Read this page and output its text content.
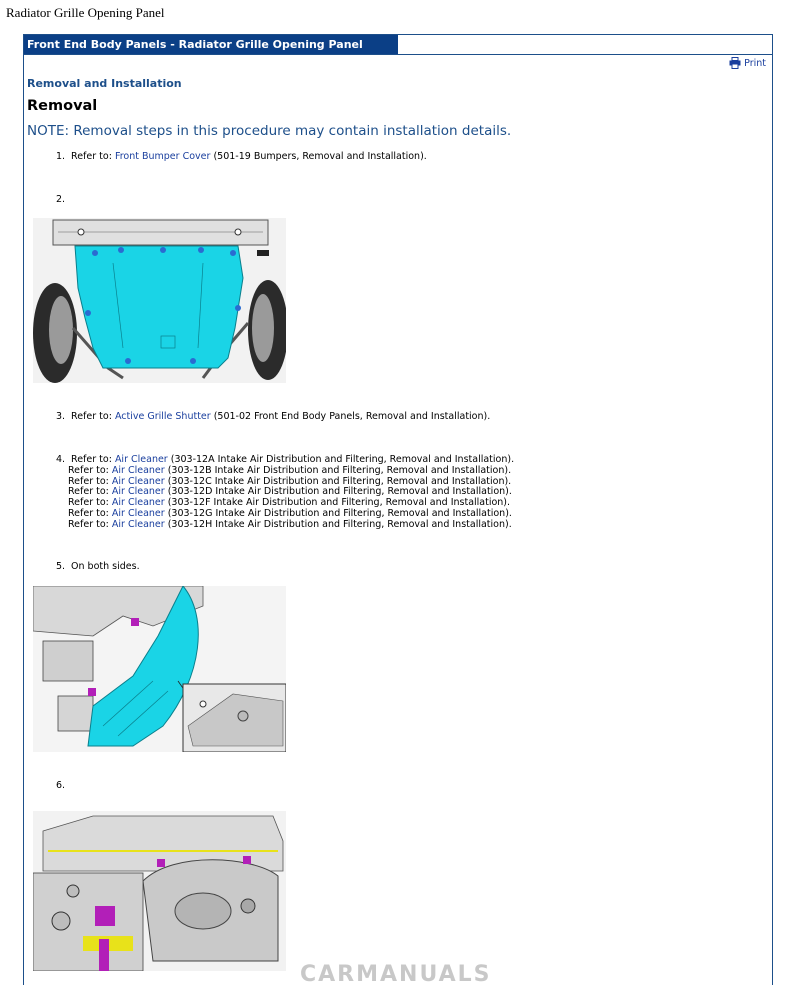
Radiator Grille Opening Panel
Front End Body Panels - Radiator Grille Opening Panel
Print
Removal and Installation
Removal
NOTE: Removal steps in this procedure may contain installation details.
1. Refer to: Front Bumper Cover (501-19 Bumpers, Removal and Installation).
2.
3. Refer to: Active Grille Shutter (501-02 Front End Body Panels, Removal and Installation).
4. Refer to: Air Cleaner (303-12A Intake Air Distribution and Filtering, Removal and Installation).
Refer to: Air Cleaner (303-12B Intake Air Distribution and Filtering, Removal and Installation).
Refer to: Air Cleaner (303-12C Intake Air Distribution and Filtering, Removal and Installation).
Refer to: Air Cleaner (303-12D Intake Air Distribution and Filtering, Removal and Installation).
Refer to: Air Cleaner (303-12F Intake Air Distribution and Filtering, Removal and Installation).
Refer to: Air Cleaner (303-12G Intake Air Distribution and Filtering, Removal and Installation).
Refer to: Air Cleaner (303-12H Intake Air Distribution and Filtering, Removal and Installation).
5. On both sides.
6.
CARMANUALS
